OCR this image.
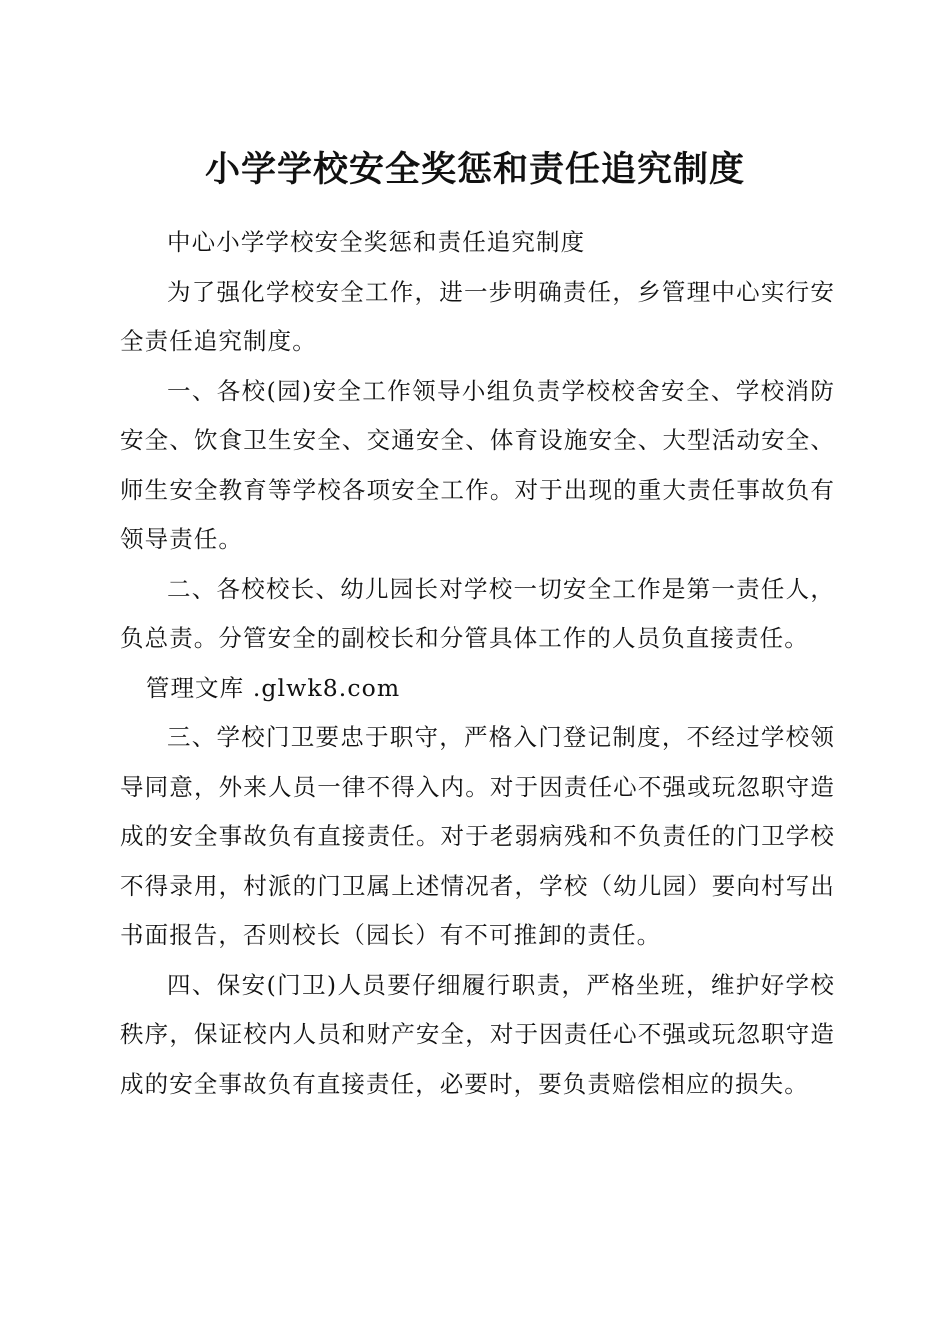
小学学校安全奖惩和责任追究制度

中心小学学校安全奖惩和责任追究制度

为了强化学校安全工作，进一步明确责任，乡管理中心实行安全责任追究制度。

一、各校(园)安全工作领导小组负责学校校舍安全、学校消防安全、饮食卫生安全、交通安全、体育设施安全、大型活动安全、师生安全教育等学校各项安全工作。对于出现的重大责任事故负有领导责任。

二、各校校长、幼儿园长对学校一切安全工作是第一责任人，负总责。分管安全的副校长和分管具体工作的人员负直接责任。

管理文库 .glwk8.com

三、学校门卫要忠于职守，严格入门登记制度，不经过学校领导同意，外来人员一律不得入内。对于因责任心不强或玩忽职守造成的安全事故负有直接责任。对于老弱病残和不负责任的门卫学校不得录用，村派的门卫属上述情况者，学校（幼儿园）要向村写出书面报告，否则校长（园长）有不可推卸的责任。

四、保安(门卫)人员要仔细履行职责，严格坐班，维护好学校秩序，保证校内人员和财产安全，对于因责任心不强或玩忽职守造成的安全事故负有直接责任，必要时，要负责赔偿相应的损失。
